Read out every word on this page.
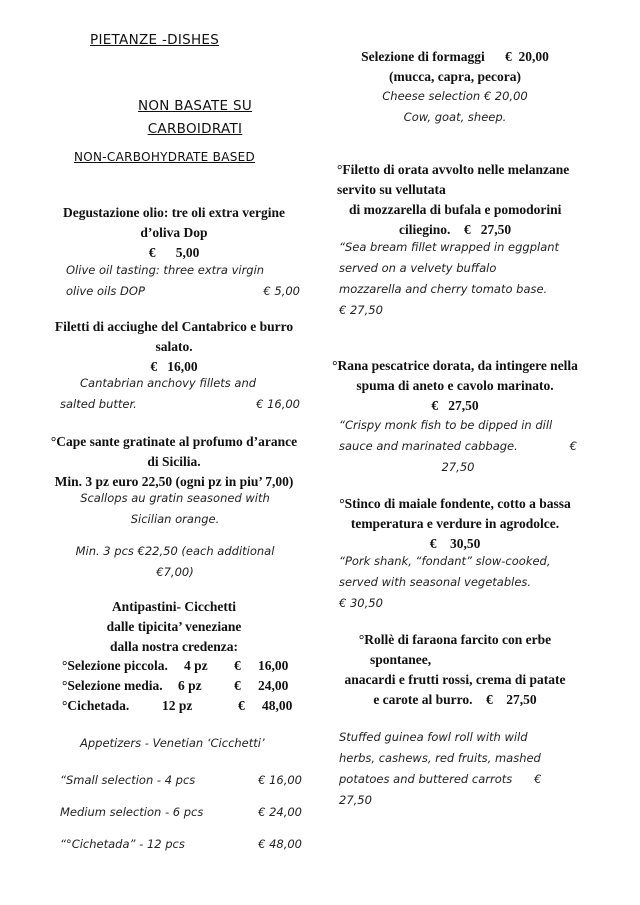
PIETANZE -DISHES
NON BASATE SU
CARBOIDRATI
NON-CARBOHYDRATE BASED
Degustazione olio: tre oli extra vergine
d’oliva Dop
€      5,00
Olive oil tasting: three extra virgin
olive oils DOP	€ 5,00
Filetti di acciughe del Cantabrico e burro
salato.
€   16,00
Cantabrian anchovy fillets and
salted butter.	€ 16,00
°Cape sante gratinate al profumo d’arance
di Sicilia.
Min. 3 pz euro 22,50 (ogni pz in piu’ 7,00)
Scallops au gratin seasoned with
Sicilian orange.
Min. 3 pcs €22,50 (each additional
€7,00)
Antipastini- Cicchetti
dalle tipicita’ veneziane
dalla nostra credenza:
°Selezione piccola.	4 pz	€	16,00
°Selezione media.	6 pz	€	24,00
°Cichetada.	12 pz	€	48,00
Appetizers - Venetian ‘Cicchetti’
“Small selection - 4 pcs	€ 16,00
Medium selection - 6 pcs	€ 24,00
“°Cichetada” - 12 pcs	€ 48,00
Selezione di formaggi      €  20,00
(mucca, capra, pecora)
Cheese selection € 20,00
Cow, goat, sheep.
°Filetto di orata avvolto nelle melanzane
servito su vellutata
di mozzarella di bufala e pomodorini
ciliegino.    €   27,50
“Sea bream fillet wrapped in eggplant
served on a velvety buffalo
mozzarella and cherry tomato base.
€ 27,50
°Rana pescatrice dorata, da intingere nella
spuma di aneto e cavolo marinato.
€   27,50
“Crispy monk fish to be dipped in dill
sauce and marinated cabbage.	€
27,50
°Stinco di maiale fondente, cotto a bassa
temperatura e verdure in agrodolce.
€    30,50
“Pork shank, “fondant” slow-cooked,
served with seasonal vegetables.
€ 30,50
°Rollè di faraona farcito con erbe
spontanee,
anacardi e frutti rossi, crema di patate
e carote al burro.    €    27,50
Stuffed guinea fowl roll with wild
herbs, cashews, red fruits, mashed
potatoes and buttered carrots      €
27,50
